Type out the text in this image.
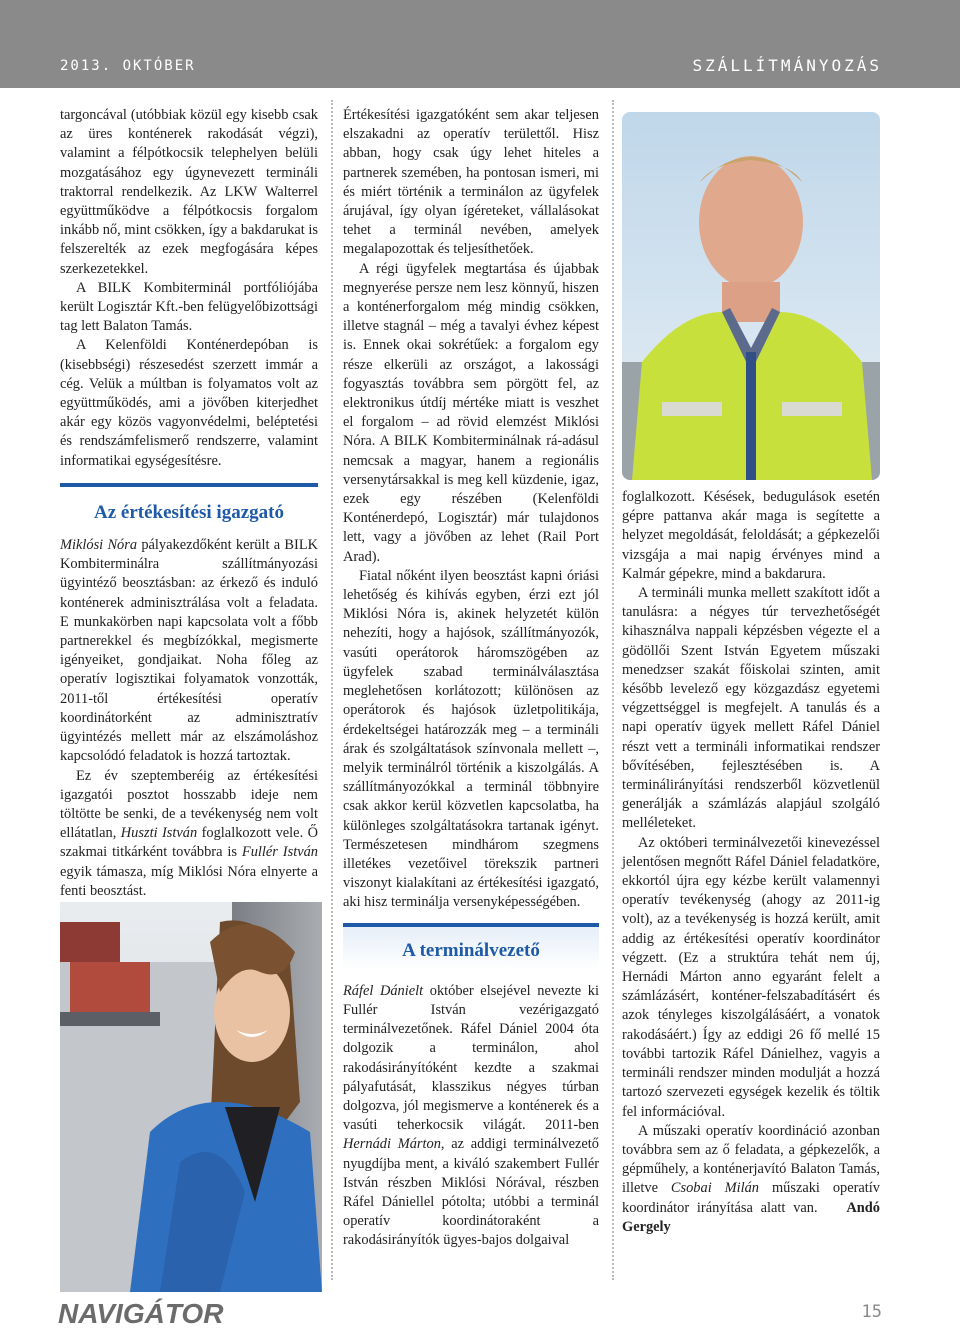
2013. OKTÓBER	SZÁLLÍTMÁNYOZÁS

targoncával (utóbbiak közül egy kisebb csak az üres konténerek rakodását végzi), valamint a félpótkocsik telephelyen belüli mozgatásához egy úgynevezett termináli traktorral rendelkezik. Az LKW Walterrel együttműködve a félpótkocsis forgalom inkább nő, mint csökken, így a bakdarukat is felszerelték az ezek megfogására képes szerkezetekkel.

A BILK Kombiterminál portfóliójába került Logisztár Kft.-ben felügyelőbizottsági tag lett Balaton Tamás.

A Kelenföldi Konténerdepóban is (kisebbségi) részesedést szerzett immár a cég. Velük a múltban is folyamatos volt az együttműködés, ami a jövőben kiterjedhet akár egy közös vagyonvédelmi, beléptetési és rendszámfelismerő rendszerre, valamint informatikai egységesítésre.

Az értékesítési igazgató

Miklósi Nóra pályakezdőként került a BILK Kombiterminálra szállítmányozási ügyintéző beosztásban: az érkező és induló konténerek adminisztrálása volt a feladata. E munkakörben napi kapcsolata volt a főbb partnerekkel és megbízókkal, megismerte igényeiket, gondjaikat. Noha főleg az operatív logisztikai folyamatok vonzották, 2011-től értékesítési operatív koordinátorként az adminisztratív ügyintézés mellett már az elszámoláshoz kapcsolódó feladatok is hozzá tartoztak.

Ez év szeptemberéig az értékesítési igazgatói posztot hosszabb ideje nem töltötte be senki, de a tevékenység nem volt ellátatlan, Huszti István foglalkozott vele. Ő szakmai titkárként továbbra is Fullér István egyik támasza, míg Miklósi Nóra elnyerte a fenti beosztást.

Értékesítési igazgatóként sem akar teljesen elszakadni az operatív területtől. Hisz abban, hogy csak úgy lehet hiteles a partnerek szemében, ha pontosan ismeri, mi és miért történik a terminálon az ügyfelek árujával, így olyan ígéreteket, vállalásokat tehet a terminál nevében, amelyek megalapozottak és teljesíthetőek.

A régi ügyfelek megtartása és újabbak megnyerése persze nem lesz könnyű, hiszen a konténerforgalom még mindig csökken, illetve stagnál – még a tavalyi évhez képest is. Ennek okai sokrétűek: a forgalom egy része elkerüli az országot, a lakossági fogyasztás továbbra sem pörgött fel, az elektronikus útdíj mértéke miatt is veszhet el forgalom – ad rövid elemzést Miklósi Nóra. A BILK Kombiterminálnak rá-adásul nemcsak a magyar, hanem a regionális versenytársakkal is meg kell küzdenie, igaz, ezek egy részében (Kelenföldi Konténerdepó, Logisztár) már tulajdonos lett, vagy a jövőben az lehet (Rail Port Arad).

Fiatal nőként ilyen beosztást kapni óriási lehetőség és kihívás egyben, érzi ezt jól Miklósi Nóra is, akinek helyzetét külön nehezíti, hogy a hajósok, szállítmányozók, vasúti operátorok háromszögében az ügyfelek szabad terminálválasztása meglehetősen korlátozott; különösen az operátorok és hajósok üzletpolitikája, érdekeltségei határozzák meg – a termináli árak és szolgáltatások színvonala mellett –, melyik terminálról történik a kiszolgálás. A szállítmányozókkal a terminál többnyire csak akkor kerül közvetlen kapcsolatba, ha különleges szolgáltatásokra tartanak igényt. Természetesen mindhárom szegmens illetékes vezetőivel törekszik partneri viszonyt kialakítani az értékesítési igazgató, aki hisz terminálja versenyképességében.

A terminálvezető

Ráfel Dánielt október elsejével nevezte ki Fullér István vezérigazgató terminálvezetőnek. Ráfel Dániel 2004 óta dolgozik a terminálon, ahol rakodásirányítóként kezdte a szakmai pályafutását, klasszikus négyes túrban dolgozva, jól megismerve a konténerek és a vasúti teherkocsik világát. 2011-ben Hernádi Márton, az addigi terminálvezető nyugdíjba ment, a kiváló szakembert Fullér István részben Miklósi Nórával, részben Ráfel Dániellel pótolta; utóbbi a terminál operatív koordinátoraként a rakodásirányítók ügyes-bajos dolgaival

foglalkozott. Késések, bedugulások esetén gépre pattanva akár maga is segítette a helyzet megoldását, feloldását; a gépkezelői vizsgája a mai napig érvényes mind a Kalmár gépekre, mind a bakdarura.

A termináli munka mellett szakított időt a tanulásra: a négyes túr tervezhetőségét kihasználva nappali képzésben végezte el a gödöllői Szent István Egyetem műszaki menedzser szakát főiskolai szinten, amit később levelező egy közgazdász egyetemi végzettséggel is megfejelt. A tanulás és a napi operatív ügyek mellett Ráfel Dániel részt vett a termináli informatikai rendszer bővítésében, fejlesztésében is. A terminálirányítási rendszerből közvetlenül generálják a számlázás alapjául szolgáló melléleteket.

Az októberi terminálvezetői kinevezéssel jelentősen megnőtt Ráfel Dániel feladatköre, ekkortól újra egy kézbe került valamennyi operatív tevékenység (ahogy az 2011-ig volt), az a tevékenység is hozzá került, amit addig az értékesítési operatív koordinátor végzett. (Ez a struktúra tehát nem új, Hernádi Márton anno egyaránt felelt a számlázásért, konténer-felszabadításért és azok tényleges kiszolgálásáért, a vonatok rakodásáért.) Így az eddigi 26 fő mellé 15 további tartozik Ráfel Dánielhez, vagyis a termináli rendszer minden modulját a hozzá tartozó szervezeti egységek kezelik és töltik fel információval.

A műszaki operatív koordináció azonban továbbra sem az ő feladata, a gépkezelők, a gépműhely, a konténerjavító Balaton Tamás, illetve Csobai Milán műszaki operatív koordinátor irányítása alatt van.   Andó Gergely

NAVIGÁTOR	15
